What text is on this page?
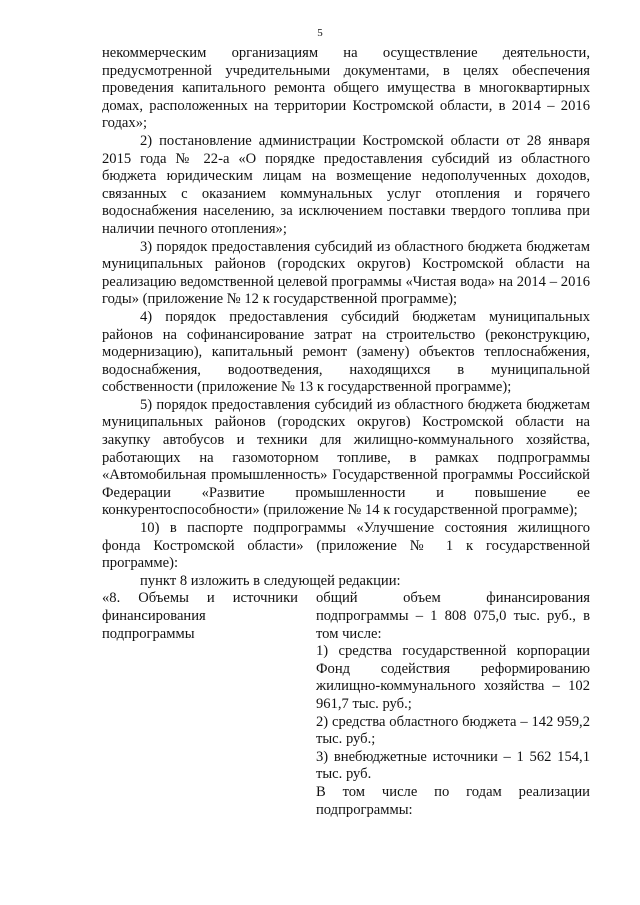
5

некоммерческим организациям на осуществление деятельности, предусмотренной учредительными документами, в целях обеспечения проведения капитального ремонта общего имущества в многоквартирных домах, расположенных на территории Костромской области, в 2014 – 2016 годах»;

2) постановление администрации Костромской области от 28 января 2015 года № 22-а «О порядке предоставления субсидий из областного бюджета юридическим лицам на возмещение недополученных доходов, связанных с оказанием коммунальных услуг отопления и горячего водоснабжения населению, за исключением поставки твердого топлива при наличии печного отопления»;

3) порядок предоставления субсидий из областного бюджета бюджетам муниципальных районов (городских округов) Костромской области на реализацию ведомственной целевой программы «Чистая вода» на 2014 – 2016 годы» (приложение № 12 к государственной программе);

4) порядок предоставления субсидий бюджетам муниципальных районов на софинансирование затрат на строительство (реконструкцию, модернизацию), капитальный ремонт (замену) объектов теплоснабжения, водоснабжения, водоотведения, находящихся в муниципальной собственности (приложение № 13 к государственной программе);

5) порядок предоставления субсидий из областного бюджета бюджетам муниципальных районов (городских округов) Костромской области на закупку автобусов и техники для жилищно-коммунального хозяйства, работающих на газомоторном топливе, в рамках подпрограммы «Автомобильная промышленность» Государственной программы Российской Федерации «Развитие промышленности и повышение ее конкурентоспособности» (приложение № 14 к государственной программе);

10) в паспорте подпрограммы «Улучшение состояния жилищного фонда Костромской области» (приложение № 1 к государственной программе):

пункт 8 изложить в следующей редакции:

«8. Объемы и источники финансирования подпрограммы

общий объем финансирования подпрограммы – 1 808 075,0 тыс. руб., в том числе:

1) средства государственной корпорации Фонд содействия реформированию жилищно-коммунального хозяйства – 102 961,7 тыс. руб.;

2) средства областного бюджета – 142 959,2 тыс. руб.;

3) внебюджетные источники – 1 562 154,1 тыс. руб.

В том числе по годам реализации подпрограммы:
